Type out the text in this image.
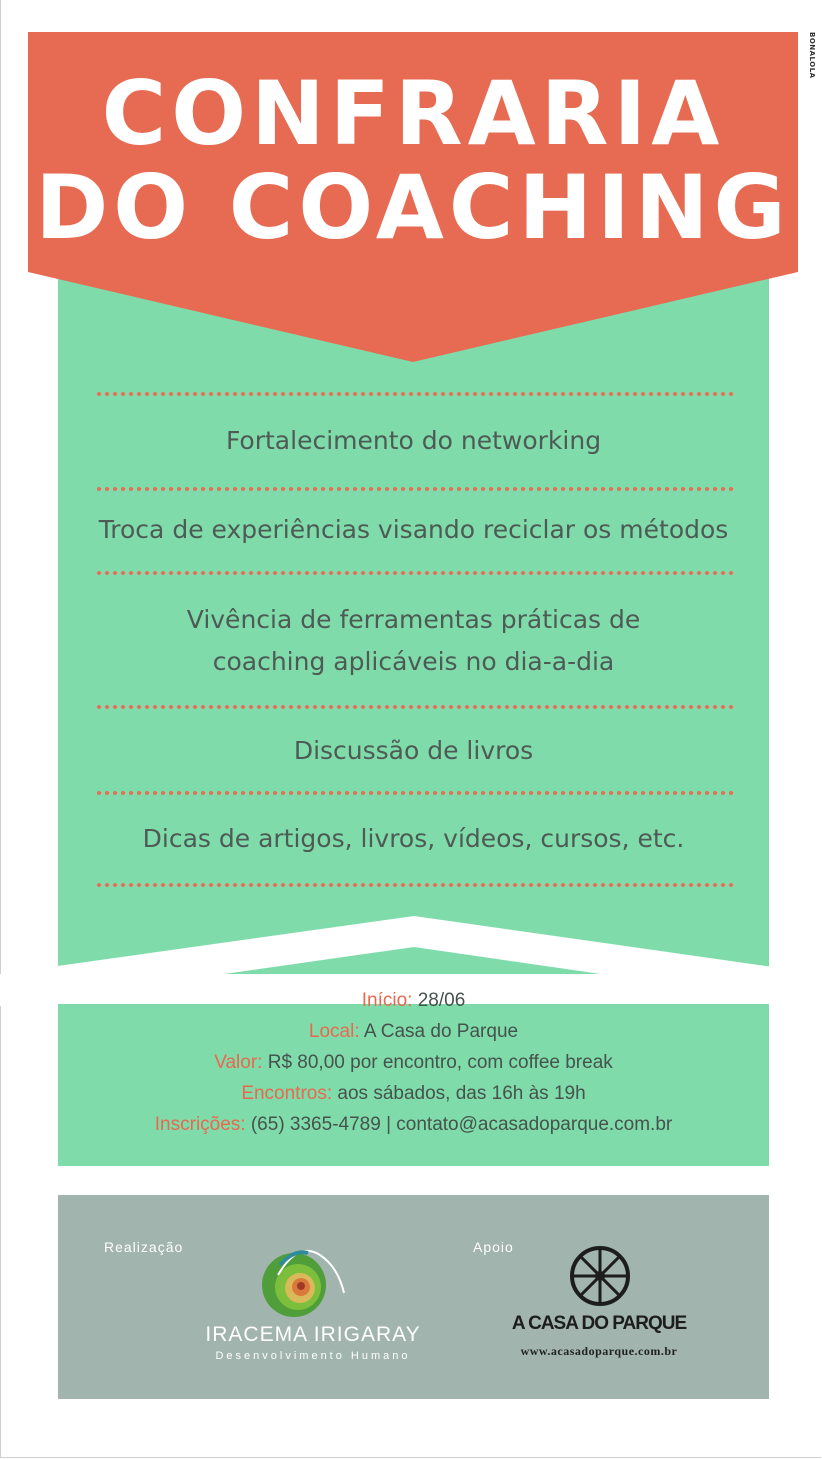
BONALOLA
CONFRARIA
DO COACHING
Fortalecimento do networking
Troca de experiências visando reciclar os métodos
Vivência de ferramentas práticas de
coaching aplicáveis no dia-a-dia
Discussão de livros
Dicas de artigos, livros, vídeos, cursos, etc.
Início: 28/06
Local: A Casa do Parque
Valor: R$ 80,00 por encontro, com coffee break
Encontros: aos sábados, das 16h às 19h
Inscrições: (65) 3365-4789 | contato@acasadoparque.com.br
Realização	Apoio
IRACEMA IRIGARAY
Desenvolvimento Humano
A CASA DO PARQUE
www.acasadoparque.com.br
